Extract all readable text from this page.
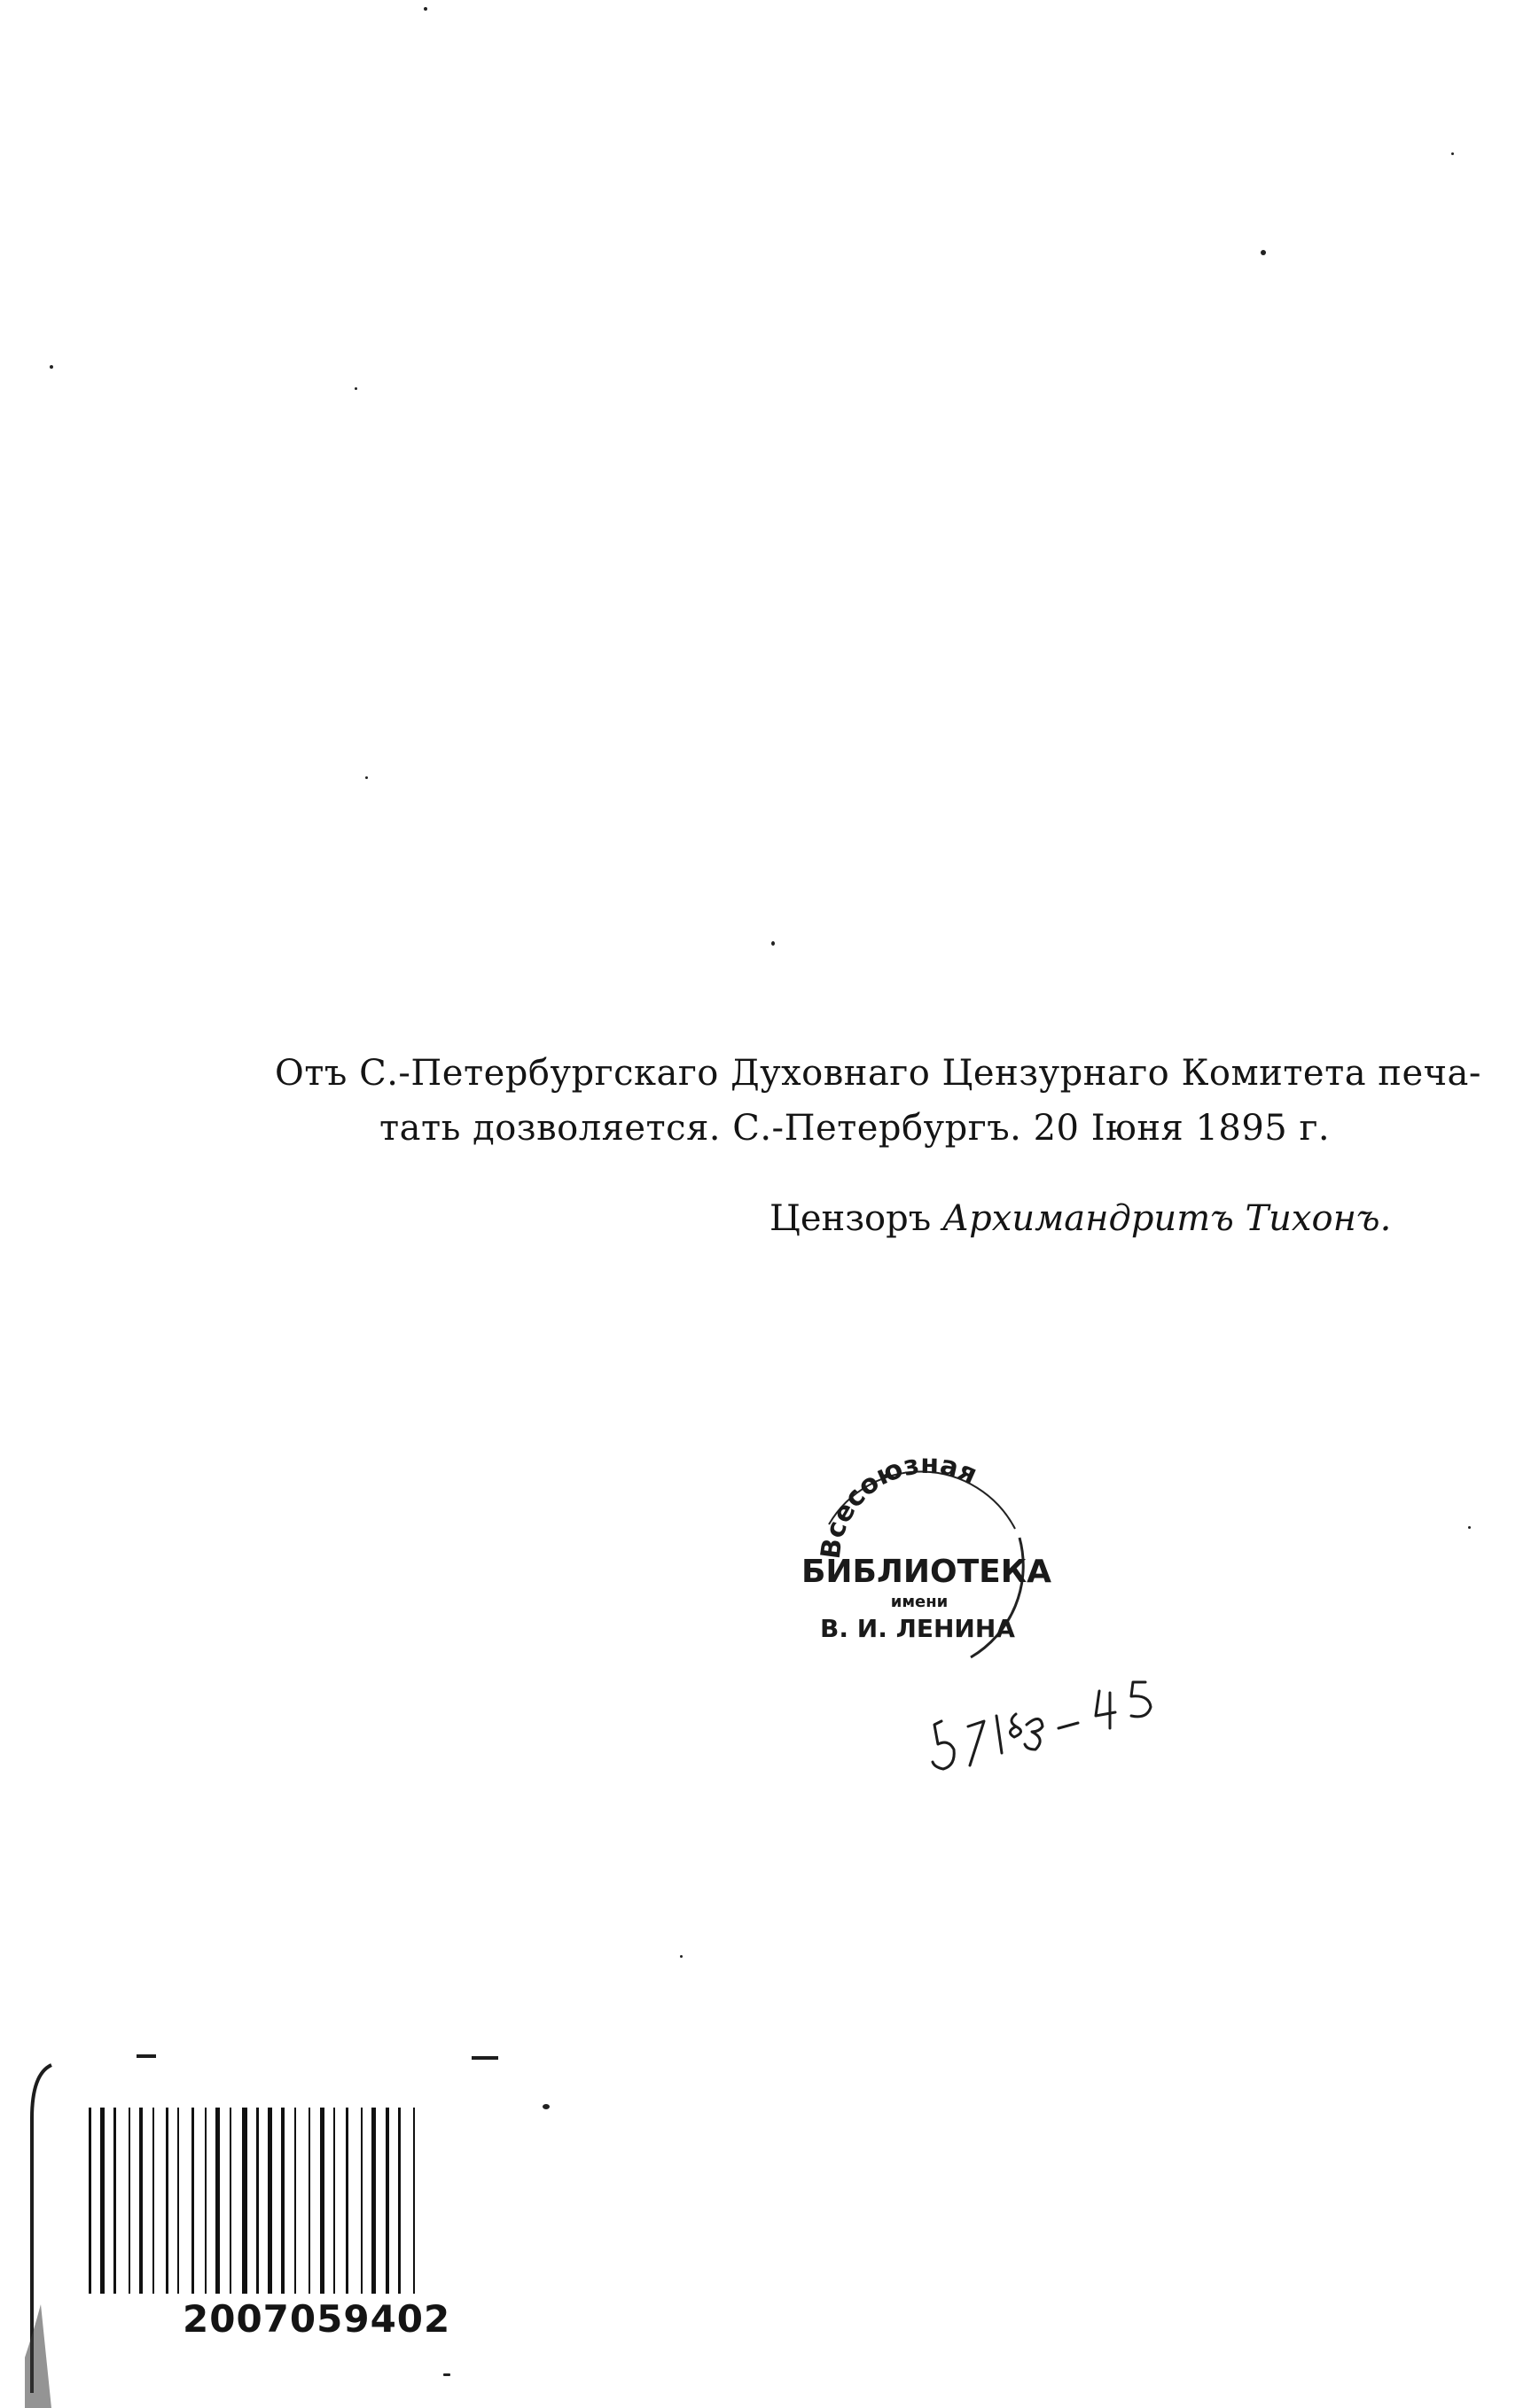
Отъ С.-Петербургскаго Духовнаго Цензурнаго Комитета печа-
тать дозволяется. С.-Петербургъ. 20 Іюня 1895 г.
Цензоръ Архимандритъ Тихонъ.
Всесоюзная
БИБЛИОТЕКА
имени
В. И. ЛЕНИНА
2007059402
